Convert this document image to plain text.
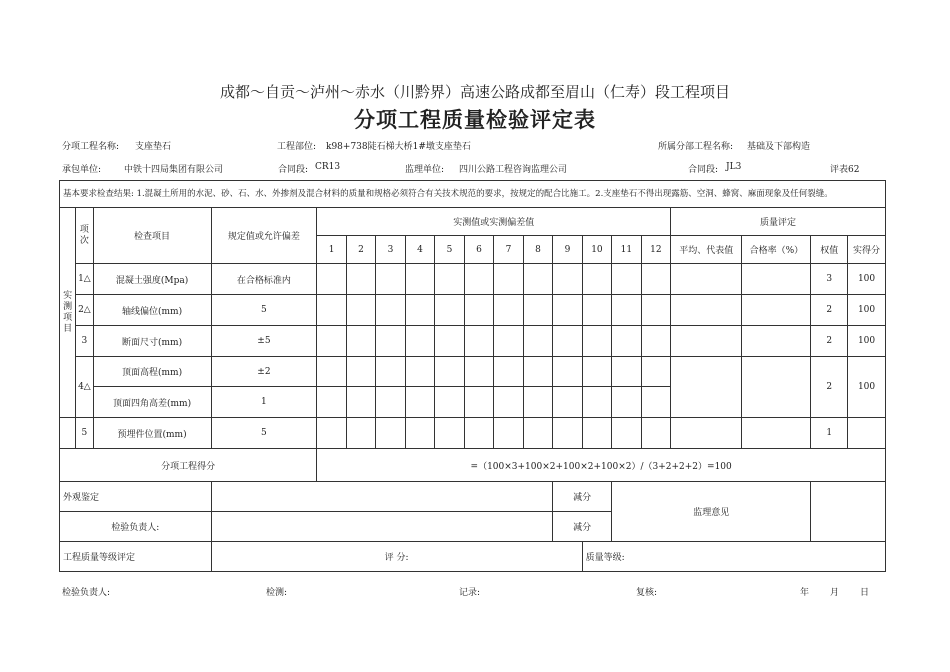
成都～自贡～泸州～赤水（川黔界）高速公路成都至眉山（仁寿）段工程项目
分项工程质量检验评定表
分项工程名称: 支座垫石	工程部位: k98+738陡石梯大桥1#墩支座垫石	所属分部工程名称: 基础及下部构造
承包单位:	中铁十四局集团有限公司	合同段: CR13	监理单位: 四川公路工程咨询监理公司	合同段: JL3	评表62
基本要求检查结果: 1.混凝土所用的水泥、砂、石、水、外掺剂及混合材料的质量和规格必须符合有关技术规范的要求，按规定的配合比施工。2.支座垫石不得出现露筋、空洞、蜂窝、麻面现象及任何裂缝。																			
实测项目	项次	检查项目	规定值或允许偏差	实测值或实测偏差值												质量评定			
				1	2	3	4	5	6	7	8	9	10	11	12	平均、代表值	合格率（%）	权值	实得分
	1△	混凝土强度(Mpa)	在合格标准内															3	100
	2△	轴线偏位(mm)	5															2	100
	3	断面尺寸(mm)	±5															2	100
	4△	顶面高程(mm)	±2															2	100
		顶面四角高差(mm)	1																
	5	预埋件位置(mm)	5															1	
分项工程得分				=（100×3+100×2+100×2+100×2）/（3+2+2+2）=100															
外观鉴定												减分		监理意见					
检验负责人:												减分							
工程质量等级评定			评 分:										质量等级:						
检验负责人:	检测:	记录:	复核:	年 月 日
